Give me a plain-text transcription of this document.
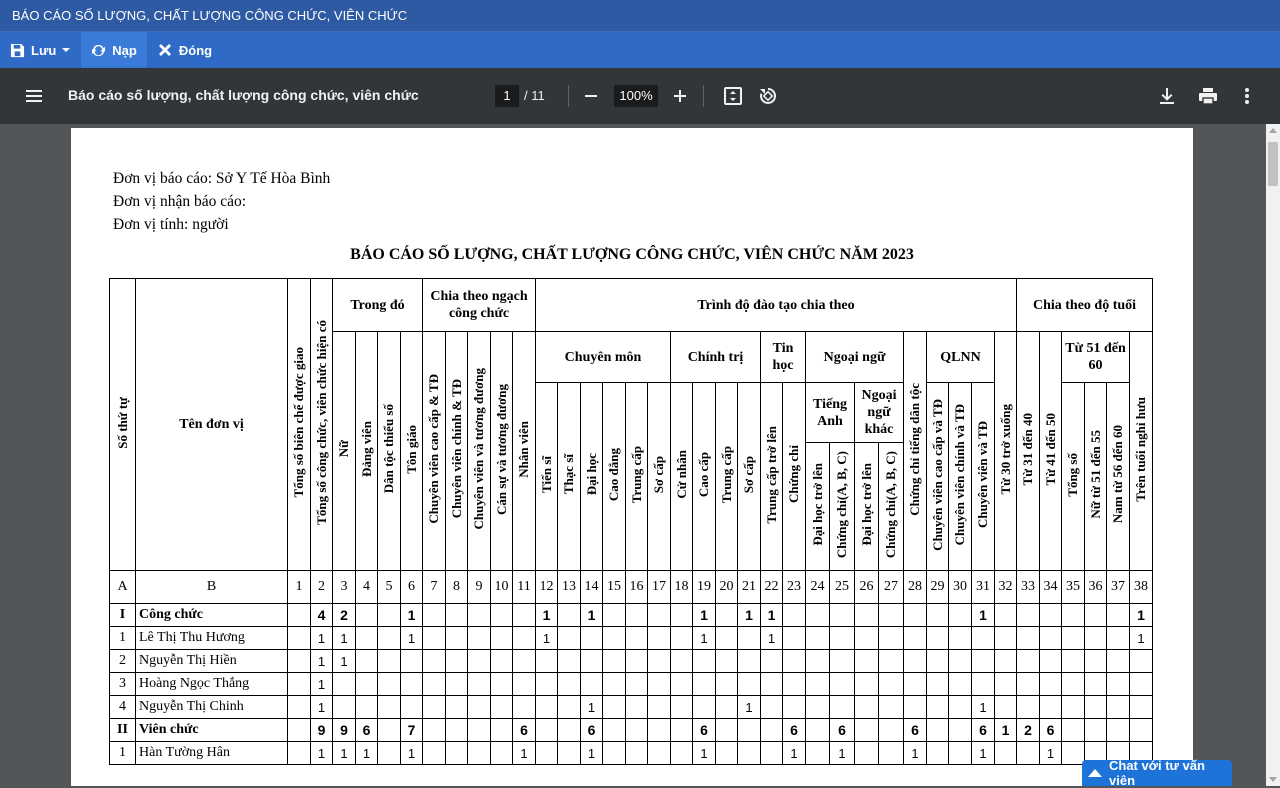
BÁO CÁO SỐ LƯỢNG, CHẤT LƯỢNG CÔNG CHỨC, VIÊN CHỨC
Lưu	Nạp	Đóng
Báo cáo số lượng, chất lượng công chức, viên chức	1	/ 11	100%
Đơn vị báo cáo: Sở Y Tế Hòa Bình
Đơn vị nhận báo cáo:
Đơn vị tính: người
BÁO CÁO SỐ LƯỢNG, CHẤT LƯỢNG CÔNG CHỨC, VIÊN CHỨC NĂM 2023
Số thứ tự	Tên đơn vị	Tổng số biên chế được giao	Tổng số công chức, viên chức hiện có	Trong đó				Chia theo ngạch công chức					Trình độ đào tạo chia theo																					Chia theo độ tuổi					
				Nữ	Đảng viên	Dân tộc thiểu số	Tôn giáo	Chuyên viên cao cấp & TĐ	Chuyên viên chính & TĐ	Chuyên viên và tương đương	Cán sự và tương đương	Nhân viên	Chuyên môn						Chính trị				Tin học		Ngoại ngữ				Chứng chỉ tiếng dân tộc	QLNN			Từ 30 trở xuống	Từ 31 đến 40	Từ 41 đến 50	Từ 51 đến 60			Trên tuổi nghỉ hưu
													Tiến sĩ	Thạc sĩ	Đại học	Cao đẳng	Trung cấp	Sơ cấp	Cử nhân	Cao cấp	Trung cấp	Sơ cấp	Trung cấp trở lên	Chứng chỉ	Tiếng Anh		Ngoại ngữ khác			Chuyên viên cao cấp và TĐ	Chuyên viên chính và TĐ	Chuyên viên và TĐ				Tổng số	Nữ từ 51 đến 55	Nam từ 56 đến 60	
																									Đại học trở lên	Chứng chỉ(A, B, C)	Đại học trở lên	Chứng chỉ(A, B, C)											
A	B	1	2	3	4	5	6	7	8	9	10	11	12	13	14	15	16	17	18	19	20	21	22	23	24	25	26	27	28	29	30	31	32	33	34	35	36	37	38
I	Công chức		4	2			1						1		1					1		1	1									1							1
1	Lê Thị Thu Hương		1	1			1						1							1			1																1
2	Nguyễn Thị Hiền		1	1																																			
3	Hoàng Ngọc Thắng		1																																				
4	Nguyễn Thị Chinh		1												1							1										1							
II	Viên chức		9	9	6		7					6			6					6				6		6			6			6	1	2	6				
1	Hàn Tường Hân		1	1	1		1					1			1					1				1		1			1			1			1				
Chat với tư vấn viên
